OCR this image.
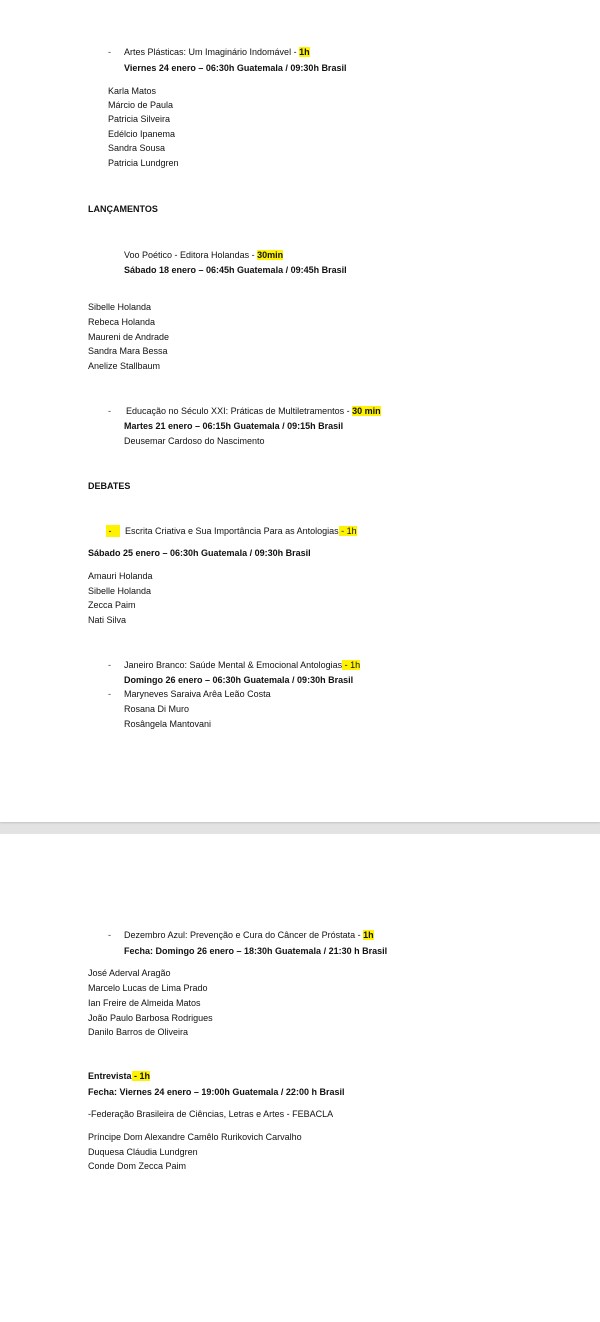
- Artes Plásticas: Um Imaginário Indomável - 1h
Viernes 24 enero – 06:30h Guatemala / 09:30h Brasil
Karla Matos
Márcio de Paula
Patricia Silveira
Edélcio Ipanema
Sandra Sousa
Patricia Lundgren
LANÇAMENTOS
Voo Poético - Editora Holandas - 30min
Sábado 18 enero – 06:45h Guatemala / 09:45h Brasil
Sibelle Holanda
Rebeca Holanda
Maureni de Andrade
Sandra Mara Bessa
Anelize Stallbaum
- Educação no Século XXI: Práticas de Multiletramentos - 30 min
Martes 21 enero – 06:15h Guatemala / 09:15h Brasil
Deusemar Cardoso do Nascimento
DEBATES
- Escrita Criativa e Sua Importância Para as Antologias - 1h
Sábado 25 enero – 06:30h Guatemala / 09:30h Brasil
Amauri Holanda
Sibelle Holanda
Zecca Paim
Nati Silva
- Janeiro Branco: Saúde Mental & Emocional Antologias - 1h
Domingo 26 enero – 06:30h Guatemala / 09:30h Brasil
- Maryneves Saraiva Arêa Leão Costa
Rosana Di Muro
Rosângela Mantovani
- Dezembro Azul: Prevenção e Cura do Câncer de Próstata - 1h
Fecha: Domingo 26 enero – 18:30h Guatemala / 21:30 h Brasil
José Aderval Aragão
Marcelo Lucas de Lima Prado
Ian Freire de Almeida Matos
João Paulo Barbosa Rodrigues
Danilo Barros de Oliveira
Entrevista - 1h
Fecha: Viernes 24 enero – 19:00h Guatemala / 22:00 h Brasil
-Federação Brasileira de Ciências, Letras e Artes - FEBACLA
Príncipe Dom Alexandre Camêlo Rurikovich Carvalho
Duquesa Cláudia Lundgren
Conde Dom Zecca Paim
